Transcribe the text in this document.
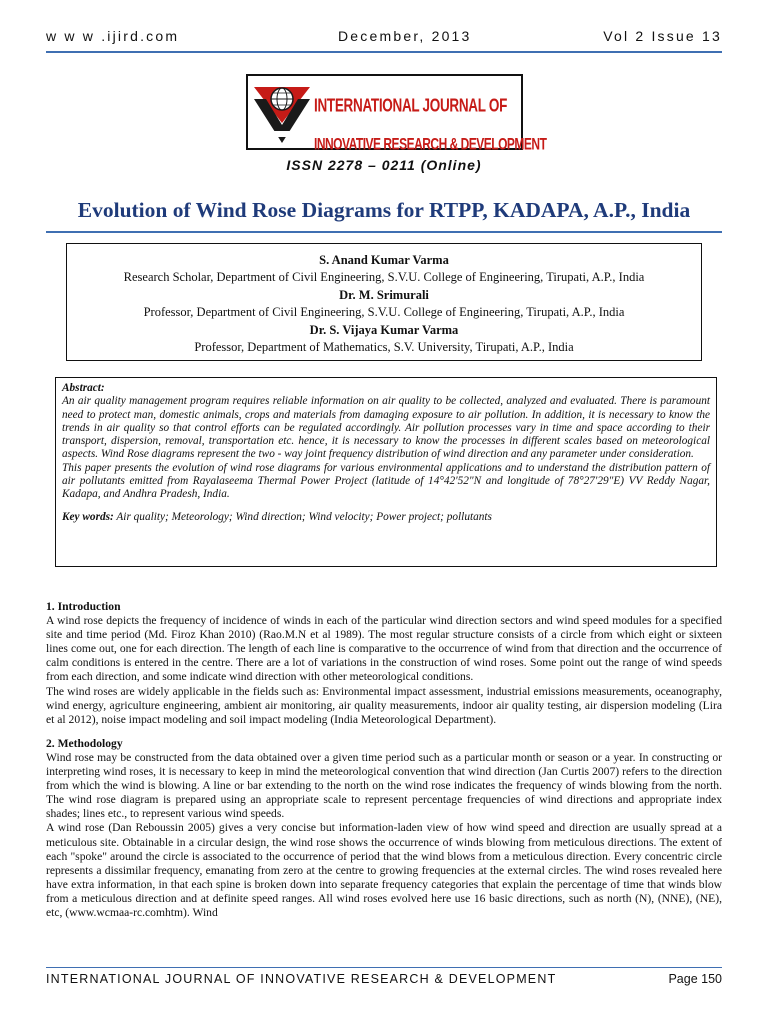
w w w .ijird.com	December, 2013	Vol 2 Issue 13
INTERNATIONAL JOURNAL OF
INNOVATIVE RESEARCH & DEVELOPMENT
ISSN 2278 – 0211 (Online)
Evolution of Wind Rose Diagrams for RTPP, KADAPA, A.P., India
S. Anand Kumar Varma
Research Scholar, Department of Civil Engineering, S.V.U. College of Engineering, Tirupati, A.P., India
Dr. M. Srimurali
Professor, Department of Civil Engineering, S.V.U. College of Engineering, Tirupati, A.P., India
Dr. S. Vijaya Kumar Varma
Professor, Department of Mathematics, S.V. University, Tirupati, A.P., India

Abstract:

An air quality management program requires reliable information on air quality to be collected, analyzed and evaluated. There is paramount need to protect man, domestic animals, crops and materials from damaging exposure to air pollution. In addition, it is necessary to know the trends in air quality so that control efforts can be regulated accordingly. Air pollution processes vary in time and space according to their transport, dispersion, removal, transportation etc. hence, it is necessary to know the processes in different scales based on meteorological aspects. Wind Rose diagrams represent the two - way joint frequency distribution of wind direction and any parameter under consideration.

This paper presents the evolution of wind rose diagrams for various environmental applications and to understand the distribution pattern of air pollutants emitted from Rayalaseema Thermal Power Project (latitude of 14°42'52"N and longitude of 78°27'29"E) VV Reddy Nagar, Kadapa, and Andhra Pradesh, India.

Key words: Air quality; Meteorology; Wind direction; Wind velocity; Power project; pollutants

1. Introduction

A wind rose depicts the frequency of incidence of winds in each of the particular wind direction sectors and wind speed modules for a specified site and time period (Md. Firoz Khan 2010) (Rao.M.N et al 1989). The most regular structure consists of a circle from which eight or sixteen lines come out, one for each direction. The length of each line is comparative to the occurrence of wind from that direction and the occurrence of calm conditions is entered in the centre. There are a lot of variations in the construction of wind roses. Some point out the range of wind speeds from each direction, and some indicate wind direction with other meteorological conditions.

The wind roses are widely applicable in the fields such as: Environmental impact assessment, industrial emissions measurements, oceanography, wind energy, agriculture engineering, ambient air monitoring, air quality measurements, indoor air quality testing, air dispersion modeling (Lira et al 2012), noise impact modeling and soil impact modeling (India Meteorological Department).

2. Methodology

Wind rose may be constructed from the data obtained over a given time period such as a particular month or season or a year. In constructing or interpreting wind roses, it is necessary to keep in mind the meteorological convention that wind direction (Jan Curtis 2007) refers to the direction from which the wind is blowing. A line or bar extending to the north on the wind rose indicates the frequency of winds blowing from the north. The wind rose diagram is prepared using an appropriate scale to represent percentage frequencies of wind directions and appropriate index shades; lines etc., to represent various wind speeds.

A wind rose (Dan Reboussin 2005) gives a very concise but information-laden view of how wind speed and direction are usually spread at a meticulous site. Obtainable in a circular design, the wind rose shows the occurrence of winds blowing from meticulous directions. The extent of each "spoke" around the circle is associated to the occurrence of period that the wind blows from a meticulous direction. Every concentric circle represents a dissimilar frequency, emanating from zero at the centre to growing frequencies at the external circles. The wind roses revealed here have extra information, in that each spine is broken down into separate frequency categories that explain the percentage of time that winds blow from a meticulous direction and at definite speed ranges. All wind roses evolved here use 16 basic directions, such as north (N), (NNE), (NE), etc, (www.wcmaa-rc.comhtm). Wind

INTERNATIONAL JOURNAL OF INNOVATIVE RESEARCH & DEVELOPMENT	Page 150
